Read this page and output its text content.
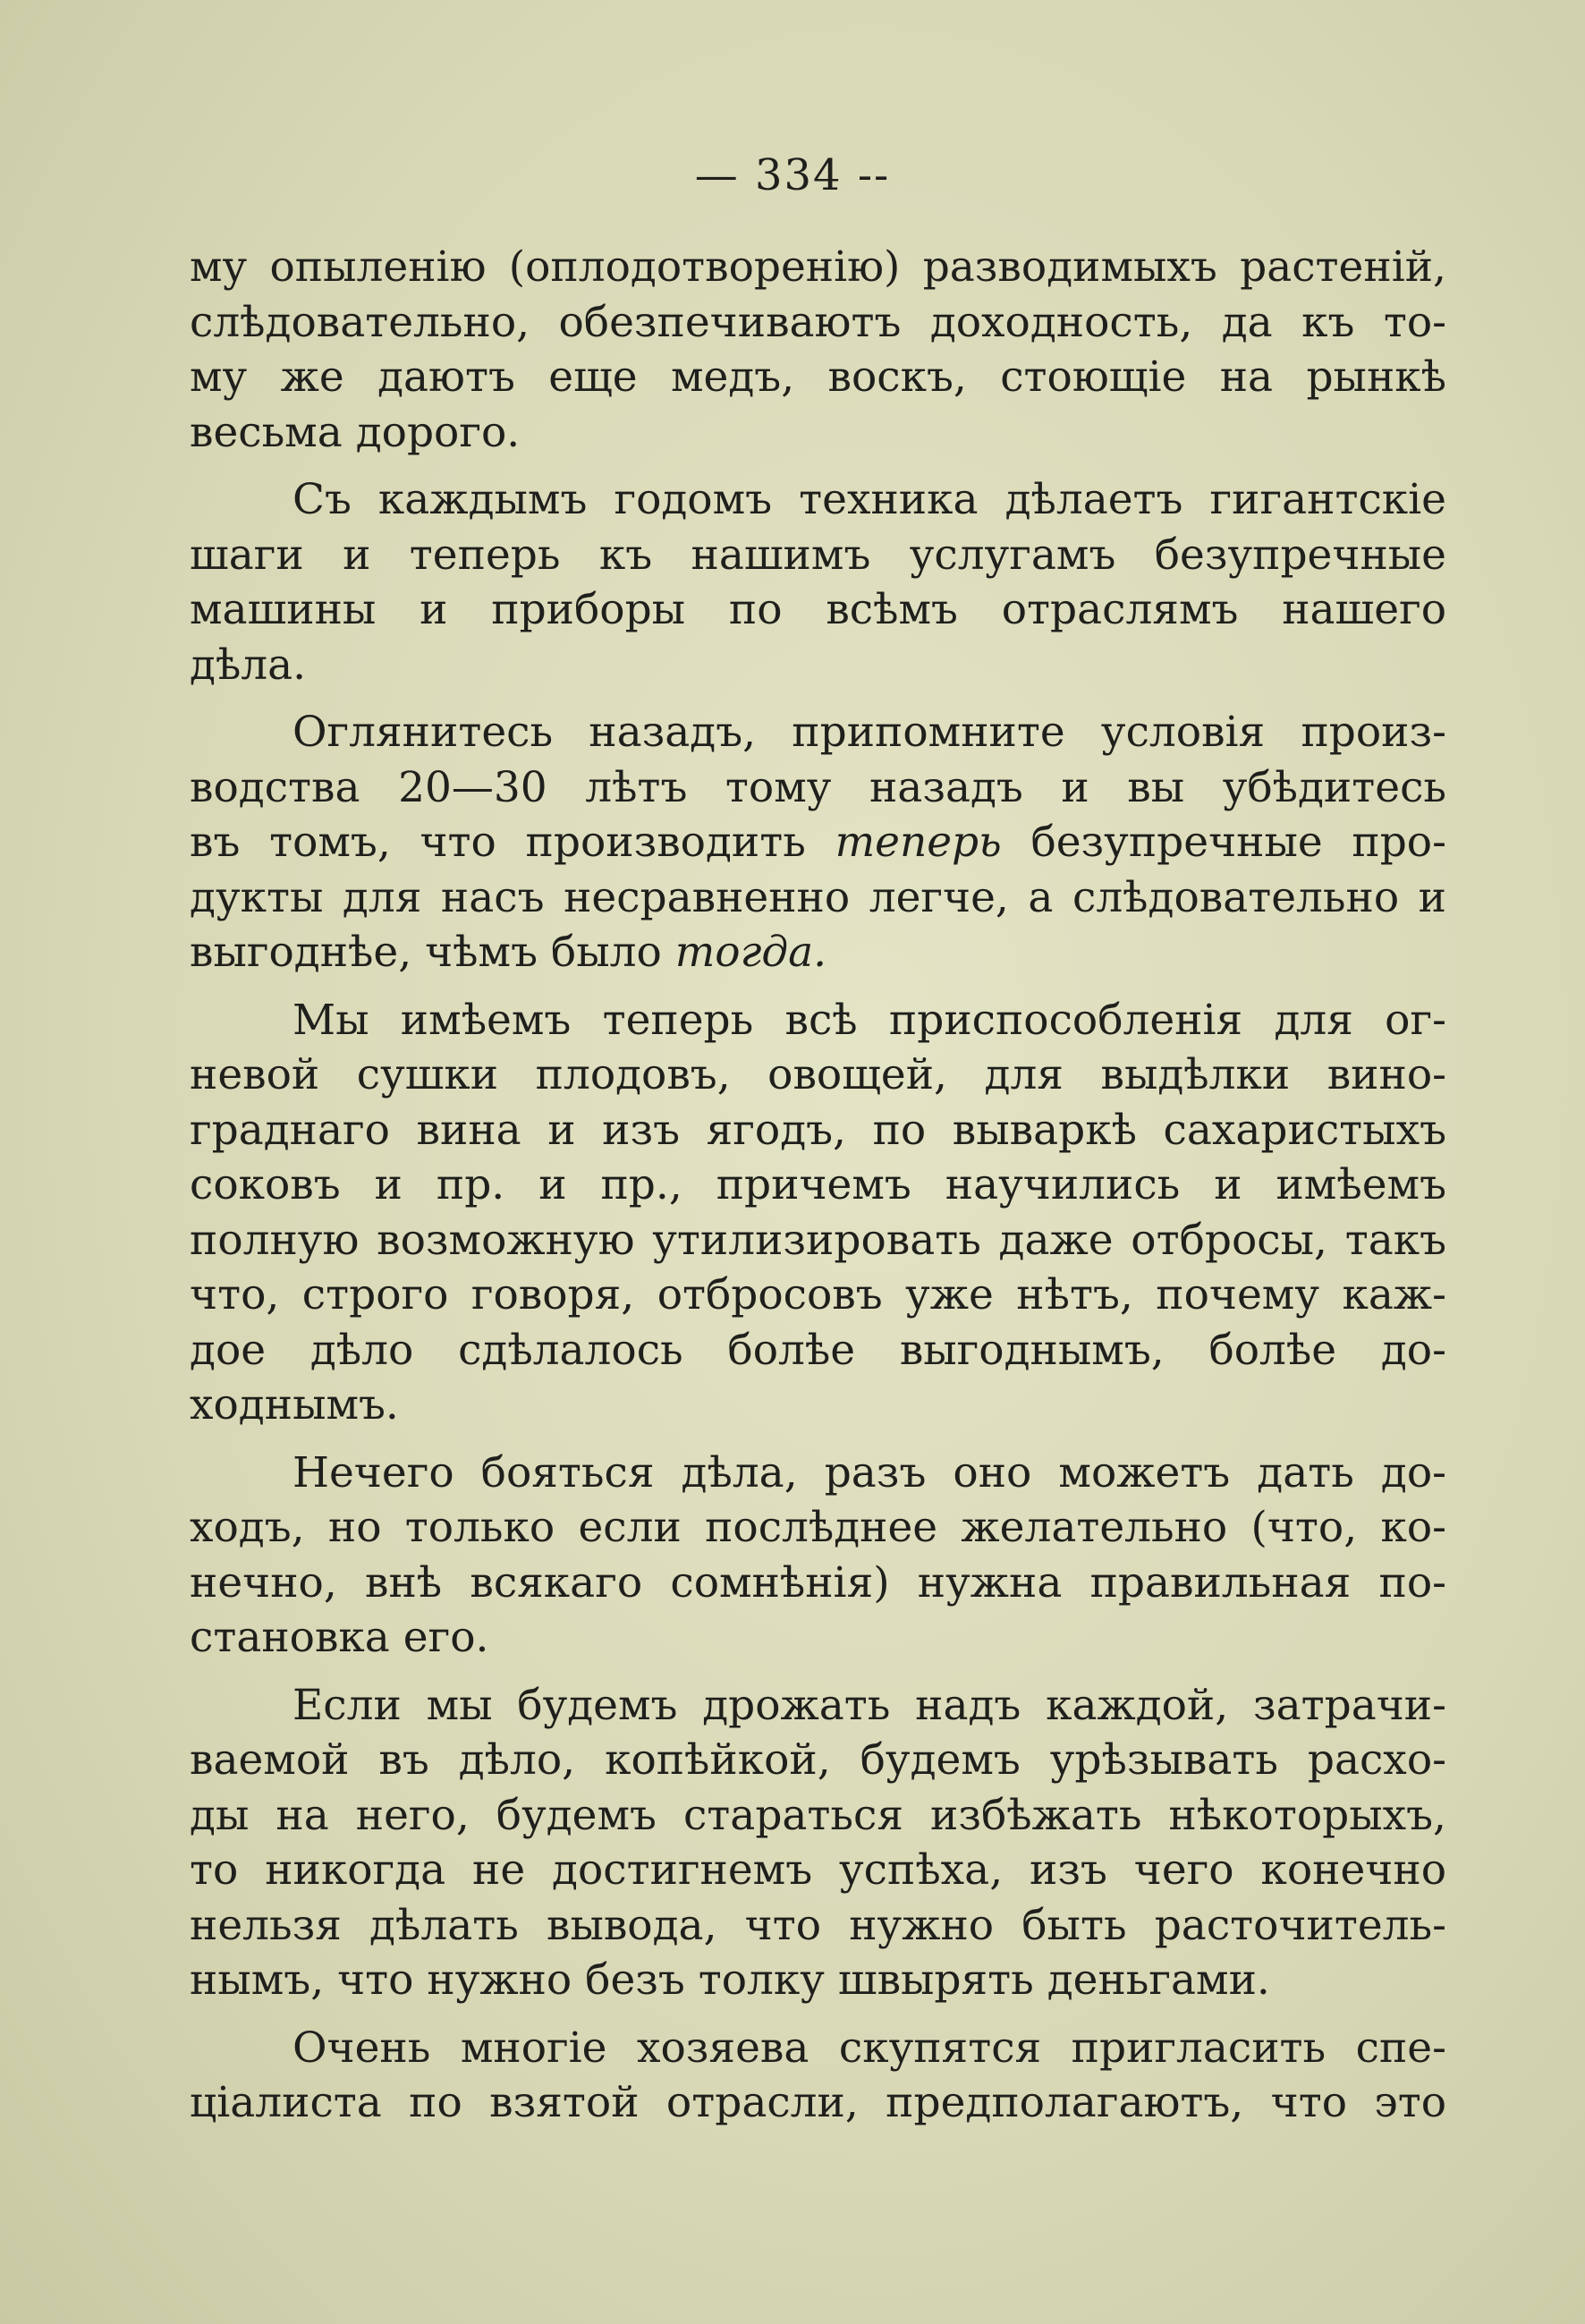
— 334 --
му опыленію (оплодотворенію) разводимыхъ растеній,
слѣдовательно, обезпечиваютъ доходность, да къ то-
му же даютъ еще медъ, воскъ, стоющіе на рынкѣ
весьма дорого.
Съ каждымъ годомъ техника дѣлаетъ гигантскіе
шаги и теперь къ нашимъ услугамъ безупречные
машины и приборы по всѣмъ отраслямъ нашего
дѣла.
Оглянитесь назадъ, припомните условія произ-
водства 20—30 лѣтъ тому назадъ и вы убѣдитесь
въ томъ, что производить теперь безупречные про-
дукты для насъ несравненно легче, а слѣдовательно и
выгоднѣе, чѣмъ было тогда.
Мы имѣемъ теперь всѣ приспособленія для ог-
невой сушки плодовъ, овощей, для выдѣлки вино-
граднаго вина и изъ ягодъ, по вываркѣ сахаристыхъ
соковъ и пр. и пр., причемъ научились и имѣемъ
полную возможную утилизировать даже отбросы, такъ
что, строго говоря, отбросовъ уже нѣтъ, почему каж-
дое дѣло сдѣлалось болѣе выгоднымъ, болѣе до-
ходнымъ.
Нечего бояться дѣла, разъ оно можетъ дать до-
ходъ, но только если послѣднее желательно (что, ко-
нечно, внѣ всякаго сомнѣнія) нужна правильная по-
становка его.
Если мы будемъ дрожать надъ каждой, затрачи-
ваемой въ дѣло, копѣйкой, будемъ урѣзывать расхо-
ды на него, будемъ стараться избѣжать нѣкоторыхъ,
то никогда не достигнемъ успѣха, изъ чего конечно
нельзя дѣлать вывода, что нужно быть расточитель-
нымъ, что нужно безъ толку швырять деньгами.
Очень многіе хозяева скупятся пригласить спе-
ціалиста по взятой отрасли, предполагаютъ, что это
